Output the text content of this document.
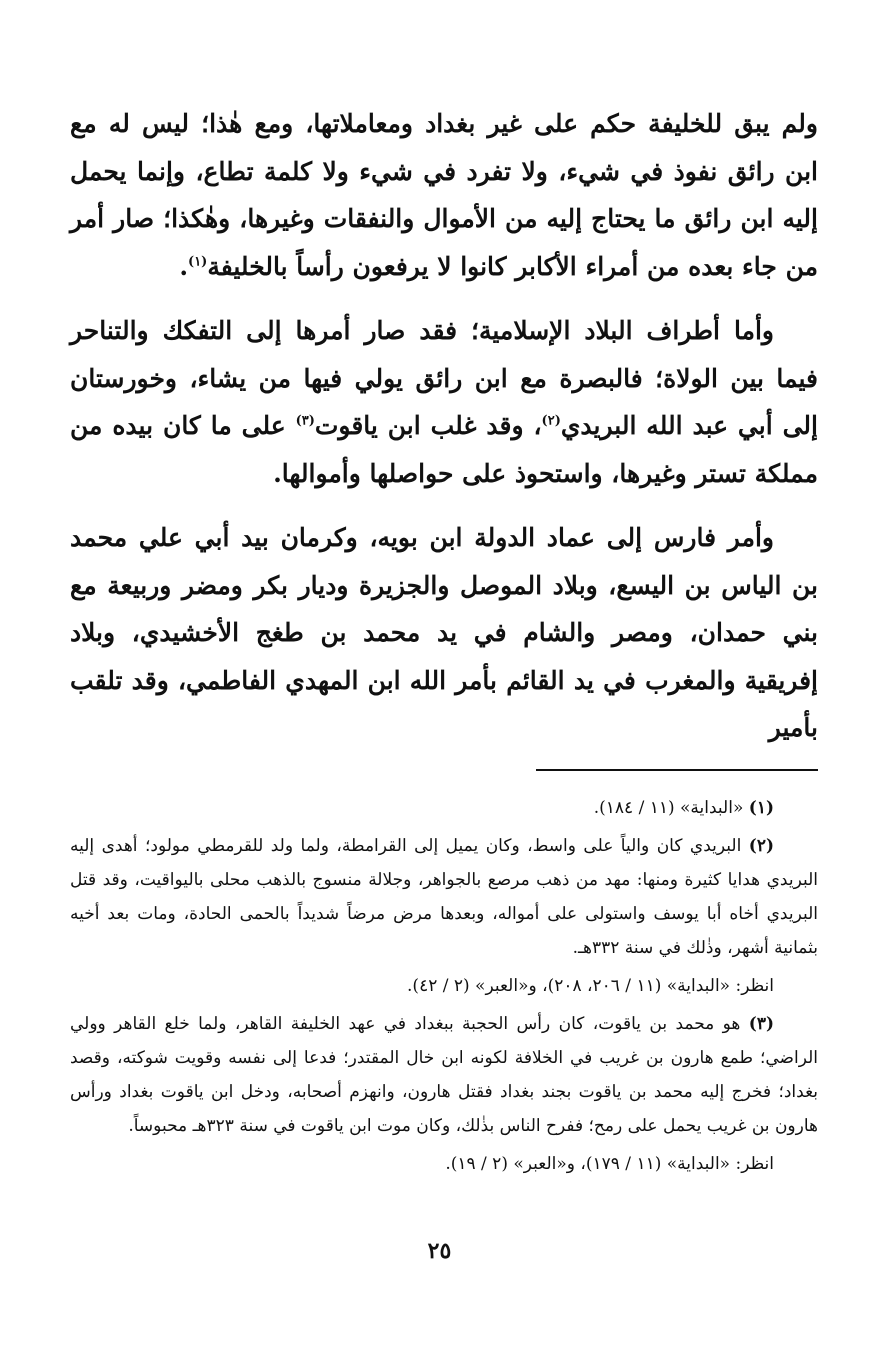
ولم يبق للخليفة حكم على غير بغداد ومعاملاتها، ومع هٰذا؛ ليس له مع ابن رائق نفوذ في شيء، ولا تفرد في شيء ولا كلمة تطاع، وإنما يحمل إليه ابن رائق ما يحتاج إليه من الأموال والنفقات وغيرها، وهٰكذا؛ صار أمر من جاء بعده من أمراء الأكابر كانوا لا يرفعون رأساً بالخليفة$^{(١)}$.

وأما أطراف البلاد الإسلامية؛ فقد صار أمرها إلى التفكك والتناحر فيما بين الولاة؛ فالبصرة مع ابن رائق يولي فيها من يشاء، وخورستان إلى أبي عبد الله البريدي$^{(٢)}$، وقد غلب ابن ياقوت$^{(٣)}$ على ما كان بيده من مملكة تستر وغيرها، واستحوذ على حواصلها وأموالها.

وأمر فارس إلى عماد الدولة ابن بويه، وكرمان بيد أبي علي محمد بن الياس بن اليسع، وبلاد الموصل والجزيرة وديار بكر ومضر وربيعة مع بني حمدان، ومصر والشام في يد محمد بن طغج الأخشيدي، وبلاد إفريقية والمغرب في يد القائم بأمر الله ابن المهدي الفاطمي، وقد تلقب بأمير

(١) «البداية» (١١ / ١٨٤).

(٢) البريدي كان والياً على واسط، وكان يميل إلى القرامطة، ولما ولد للقرمطي مولود؛ أهدى إليه البريدي هدايا كثيرة ومنها: مهد من ذهب مرصع بالجواهر، وجلالة منسوج بالذهب محلى باليواقيت، وقد قتل البريدي أخاه أبا يوسف واستولى على أمواله، وبعدها مرض مرضاً شديداً بالحمى الحادة، ومات بعد أخيه بثمانية أشهر، وذٰلك في سنة ٣٣٢هـ.

انظر: «البداية» (١١ / ٢٠٦، ٢٠٨)، و«العبر» (٢ / ٤٢).

(٣) هو محمد بن ياقوت، كان رأس الحجبة ببغداد في عهد الخليفة القاهر، ولما خلع القاهر وولي الراضي؛ طمع هارون بن غريب في الخلافة لكونه ابن خال المقتدر؛ فدعا إلى نفسه وقويت شوكته، وقصد بغداد؛ فخرج إليه محمد بن ياقوت بجند بغداد فقتل هارون، وانهزم أصحابه، ودخل ابن ياقوت بغداد ورأس هارون بن غريب يحمل على رمح؛ ففرح الناس بذٰلك، وكان موت ابن ياقوت في سنة ٣٢٣هـ محبوساً.

انظر: «البداية» (١١ / ١٧٩)، و«العبر» (٢ / ١٩).

٢٥
